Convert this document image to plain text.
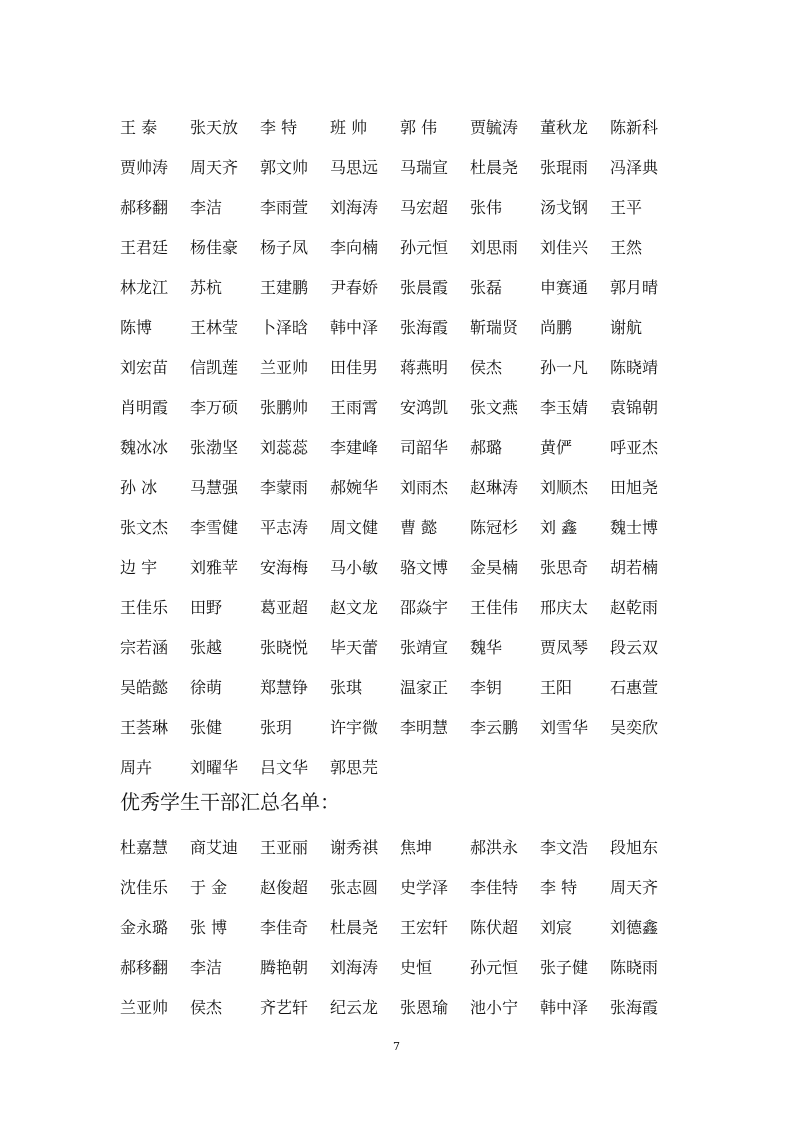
王 泰	张天放	李 特	班 帅	郭 伟	贾毓涛	董秋龙	陈新科
贾帅涛	周天齐	郭文帅	马思远	马瑞宣	杜晨尧	张琨雨	冯泽典
郝移翻	李洁	李雨萱	刘海涛	马宏超	张伟	汤戈钢	王平
王君廷	杨佳豪	杨子凤	李向楠	孙元恒	刘思雨	刘佳兴	王然
林龙江	苏杭	王建鹏	尹春娇	张晨霞	张磊	申赛通	郭月晴
陈博	王林莹	卜泽晗	韩中泽	张海霞	靳瑞贤	尚鹏	谢航
刘宏苗	信凯莲	兰亚帅	田佳男	蒋燕明	侯杰	孙一凡	陈晓靖
肖明霞	李万硕	张鹏帅	王雨霄	安鸿凯	张文燕	李玉婧	袁锦朝
魏冰冰	张渤坚	刘蕊蕊	李建峰	司韶华	郝璐	黄俨	呼亚杰
孙 冰	马慧强	李蒙雨	郝婉华	刘雨杰	赵琳涛	刘顺杰	田旭尧
张文杰	李雪健	平志涛	周文健	曹 懿	陈冠杉	刘 鑫	魏士博
边 宇	刘雅苹	安海梅	马小敏	骆文博	金昊楠	张思奇	胡若楠
王佳乐	田野	葛亚超	赵文龙	邵焱宇	王佳伟	邢庆太	赵乾雨
宗若涵	张越	张晓悦	毕天蕾	张靖宣	魏华	贾凤琴	段云双
吴皓懿	徐萌	郑慧铮	张琪	温家正	李钥	王阳	石惠萱
王荟琳	张健	张玥	许宇微	李明慧	李云鹏	刘雪华	吴奕欣
周卉	刘曜华	吕文华	郭思芫
优秀学生干部汇总名单：
杜嘉慧	商艾迪	王亚丽	谢秀祺	焦坤	郝洪永	李文浩	段旭东
沈佳乐	于 金	赵俊超	张志圆	史学泽	李佳特	李 特	周天齐
金永璐	张 博	李佳奇	杜晨尧	王宏轩	陈伏超	刘宸	刘德鑫
郝移翻	李洁	腾艳朝	刘海涛	史恒	孙元恒	张子健	陈晓雨
兰亚帅	侯杰	齐艺轩	纪云龙	张恩瑜	池小宁	韩中泽	张海霞
7
